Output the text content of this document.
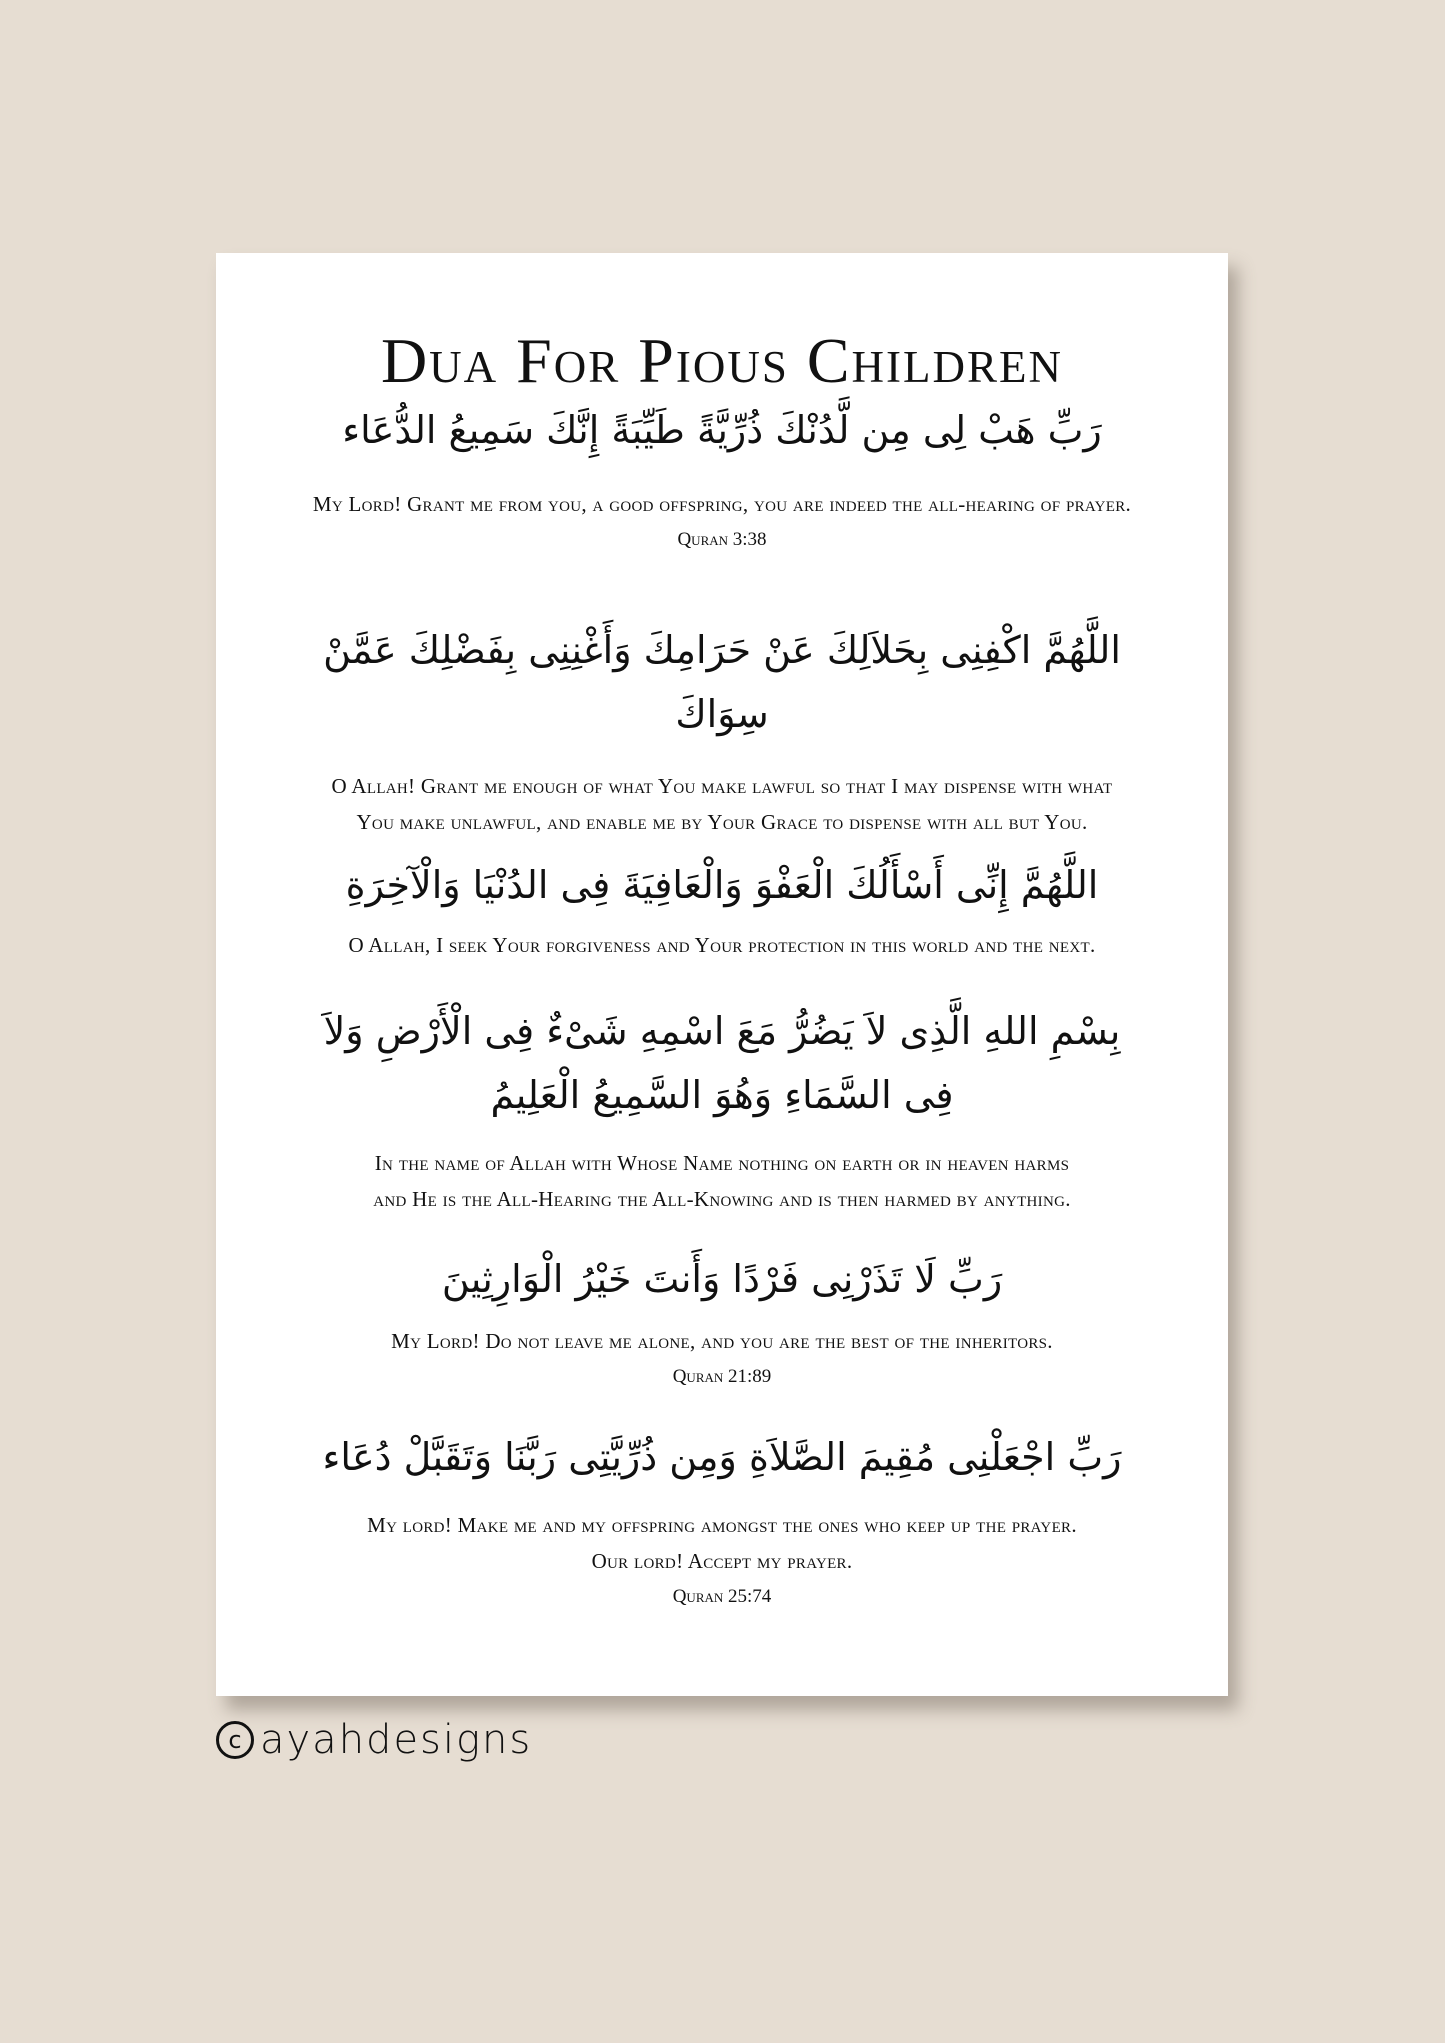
Dua For Pious Children

رَبِّ هَبْ لِى مِن لَّدُنْكَ ذُرِّيَّةً طَيِّبَةً إِنَّكَ سَمِيعُ الدُّعَاء

My Lord! Grant me from you, a good offspring, you are indeed the all-hearing of prayer.

Quran 3:38

اللَّهُمَّ اكْفِنِى بِحَلاَلِكَ عَنْ حَرَامِكَ وَأَغْنِنِى بِفَضْلِكَ عَمَّنْ سِوَاكَ

O Allah! Grant me enough of what You make lawful so that I may dispense with what
You make unlawful, and enable me by Your Grace to dispense with all but You.

اللَّهُمَّ إِنِّى أَسْأَلُكَ الْعَفْوَ وَالْعَافِيَةَ فِى الدُنْيَا وَالْآخِرَةِ

O Allah, I seek Your forgiveness and Your protection in this world and the next.

بِسْمِ اللهِ الَّذِى لاَ يَضُرُّ مَعَ اسْمِهِ شَىْءٌ فِى الْأَرْضِ وَلاَ فِى السَّمَاءِ وَهُوَ السَّمِيعُ الْعَلِيمُ

In the name of Allah with Whose Name nothing on earth or in heaven harms
and He is the All-Hearing the All-Knowing and is then harmed by anything.

رَبِّ لَا تَذَرْنِى فَرْدًا وَأَنتَ خَيْرُ الْوَارِثِينَ

My Lord! Do not leave me alone, and you are the best of the inheritors.

Quran 21:89

رَبِّ اجْعَلْنِى مُقِيمَ الصَّلاَةِ وَمِن ذُرِّيَّتِى رَبَّنَا وَتَقَبَّلْ دُعَاء

My lord! Make me and my offspring amongst the ones who keep up the prayer.
Our lord! Accept my prayer.

Quran 25:74

c ayahdesigns
